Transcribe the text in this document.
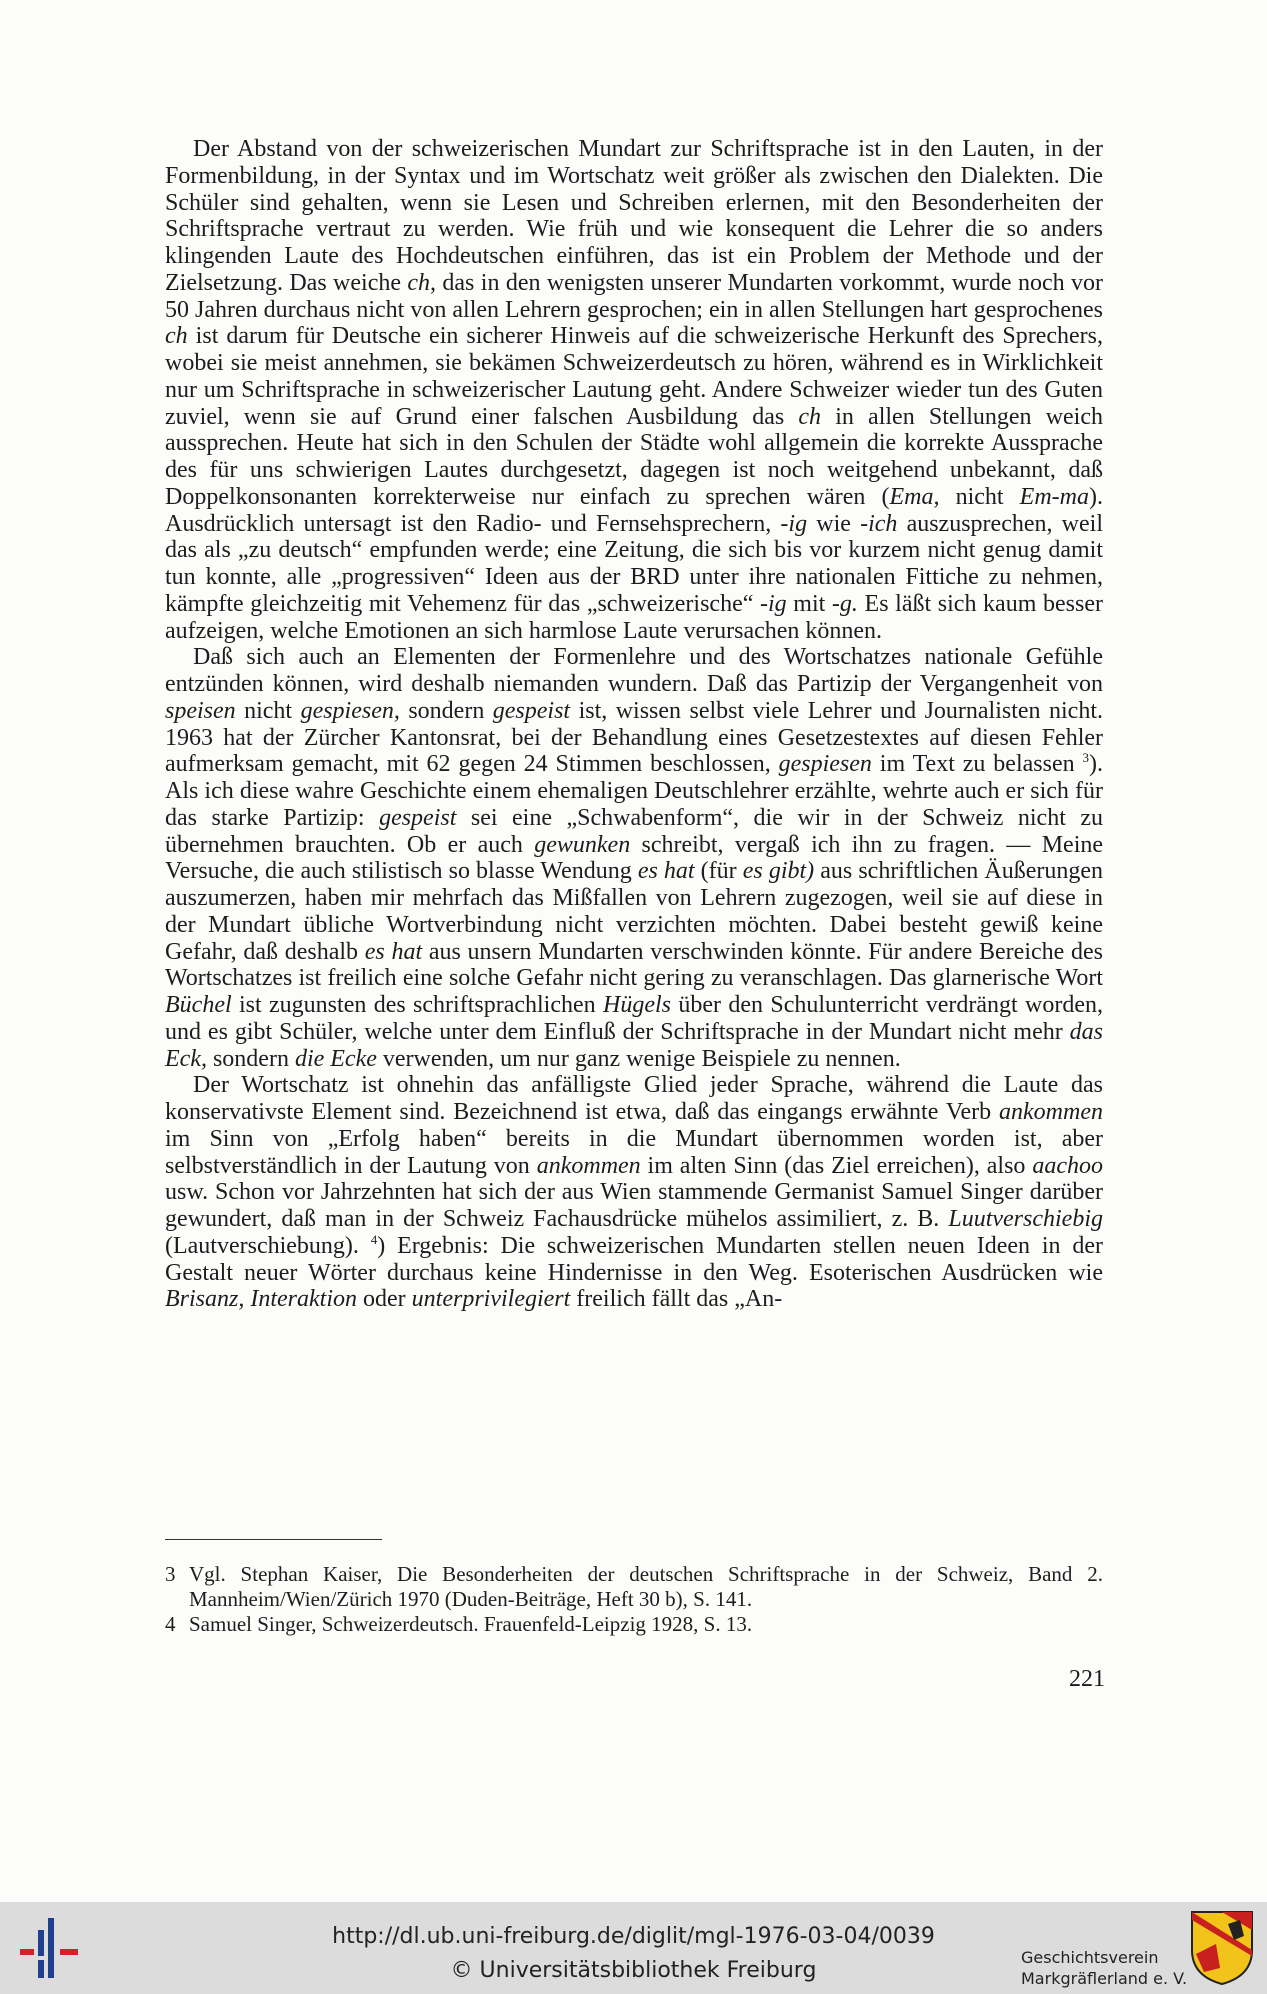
Der Abstand von der schweizerischen Mundart zur Schriftsprache ist in den Lauten, in der Formenbildung, in der Syntax und im Wortschatz weit größer als zwischen den Dialekten. Die Schüler sind gehalten, wenn sie Lesen und Schreiben erlernen, mit den Besonderheiten der Schriftsprache vertraut zu werden. Wie früh und wie konsequent die Lehrer die so anders klingenden Laute des Hochdeutschen einführen, das ist ein Problem der Methode und der Zielsetzung. Das weiche ch, das in den wenigsten unserer Mundarten vorkommt, wurde noch vor 50 Jahren durchaus nicht von allen Lehrern gesprochen; ein in allen Stellungen hart gesprochenes ch ist darum für Deutsche ein sicherer Hinweis auf die schweizerische Herkunft des Sprechers, wobei sie meist annehmen, sie bekämen Schweizerdeutsch zu hören, während es in Wirklichkeit nur um Schriftsprache in schweizerischer Lautung geht. Andere Schweizer wieder tun des Guten zuviel, wenn sie auf Grund einer falschen Ausbildung das ch in allen Stellungen weich aussprechen. Heute hat sich in den Schulen der Städte wohl allgemein die korrekte Aussprache des für uns schwierigen Lautes durchgesetzt, dagegen ist noch weitgehend unbekannt, daß Doppelkonsonanten korrekterweise nur einfach zu sprechen wären (Ema, nicht Em-ma). Ausdrücklich untersagt ist den Radio- und Fernsehsprechern, -ig wie -ich auszusprechen, weil das als „zu deutsch“ empfunden werde; eine Zeitung, die sich bis vor kurzem nicht genug damit tun konnte, alle „progressiven“ Ideen aus der BRD unter ihre nationalen Fittiche zu nehmen, kämpfte gleichzeitig mit Vehemenz für das „schweizerische“ -ig mit -g. Es läßt sich kaum besser aufzeigen, welche Emotionen an sich harmlose Laute verursachen können.

Daß sich auch an Elementen der Formenlehre und des Wortschatzes nationale Gefühle entzünden können, wird deshalb niemanden wundern. Daß das Partizip der Vergangenheit von speisen nicht gespiesen, sondern gespeist ist, wissen selbst viele Lehrer und Journalisten nicht. 1963 hat der Zürcher Kantonsrat, bei der Behandlung eines Gesetzestextes auf diesen Fehler aufmerksam gemacht, mit 62 gegen 24 Stimmen beschlossen, gespiesen im Text zu belassen $^3$). Als ich diese wahre Geschichte einem ehemaligen Deutschlehrer erzählte, wehrte auch er sich für das starke Partizip: gespeist sei eine „Schwabenform“, die wir in der Schweiz nicht zu übernehmen brauchten. Ob er auch gewunken schreibt, vergaß ich ihn zu fragen. — Meine Versuche, die auch stilistisch so blasse Wendung es hat (für es gibt) aus schriftlichen Äußerungen auszumerzen, haben mir mehrfach das Mißfallen von Lehrern zugezogen, weil sie auf diese in der Mundart übliche Wortverbindung nicht verzichten möchten. Dabei besteht gewiß keine Gefahr, daß deshalb es hat aus unsern Mundarten verschwinden könnte. Für andere Bereiche des Wortschatzes ist freilich eine solche Gefahr nicht gering zu veranschlagen. Das glarnerische Wort Büchel ist zugunsten des schriftsprachlichen Hügels über den Schulunterricht verdrängt worden, und es gibt Schüler, welche unter dem Einfluß der Schriftsprache in der Mundart nicht mehr das Eck, sondern die Ecke verwenden, um nur ganz wenige Beispiele zu nennen.

Der Wortschatz ist ohnehin das anfälligste Glied jeder Sprache, während die Laute das konservativste Element sind. Bezeichnend ist etwa, daß das eingangs erwähnte Verb ankommen im Sinn von „Erfolg haben“ bereits in die Mundart übernommen worden ist, aber selbstverständlich in der Lautung von ankommen im alten Sinn (das Ziel erreichen), also aachoo usw. Schon vor Jahrzehnten hat sich der aus Wien stammende Germanist Samuel Singer darüber gewundert, daß man in der Schweiz Fachausdrücke mühelos assimiliert, z. B. Luutverschiebig (Lautverschiebung). $^4$) Ergebnis: Die schweizerischen Mundarten stellen neuen Ideen in der Gestalt neuer Wörter durchaus keine Hindernisse in den Weg. Esoterischen Ausdrücken wie Brisanz, Interaktion oder unterprivilegiert freilich fällt das „An-

3 Vgl. Stephan Kaiser, Die Besonderheiten der deutschen Schriftsprache in der Schweiz, Band 2. Mannheim/Wien/Zürich 1970 (Duden-Beiträge, Heft 30 b), S. 141.
4 Samuel Singer, Schweizerdeutsch. Frauenfeld-Leipzig 1928, S. 13.
221
http://dl.ub.uni-freiburg.de/diglit/mgl-1976-03-04/0039
© Universitätsbibliothek Freiburg
Geschichtsverein
Markgräflerland e. V.
